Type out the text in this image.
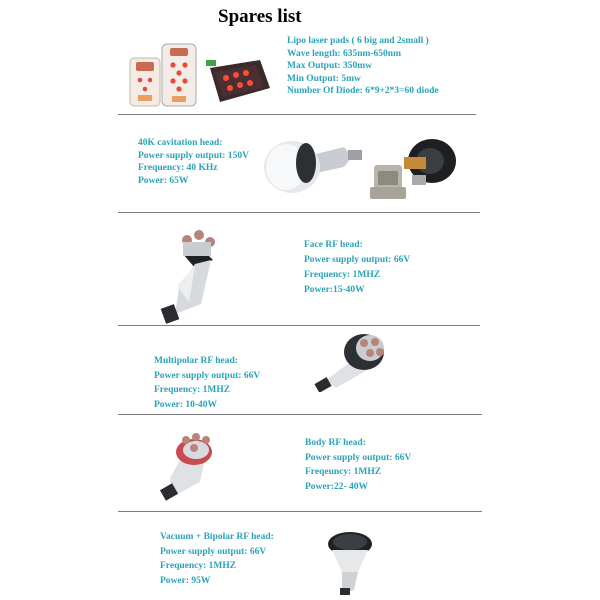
Spares list
Lipo laser pads ( 6 big and 2small )
Wave length: 635nm-650nm
Max Output: 350mw
Min Output: 5mw
Number Of Diode: 6*9+2*3=60 diode
40K cavitation head:
Power supply output: 150V
Frequency: 40 KHz
Power: 65W
Face RF head:
Power supply output: 66V
Frequency: 1MHZ
Power:15-40W
Multipolar RF head:
Power supply output: 66V
Frequency: 1MHZ
Power: 10-40W
Body RF head:
Power supply output: 66V
Freqeuncy: 1MHZ
Power:22- 40W
Vacuum + Bipolar RF head:
Power supply output: 66V
Frequency: 1MHZ
Power: 95W
